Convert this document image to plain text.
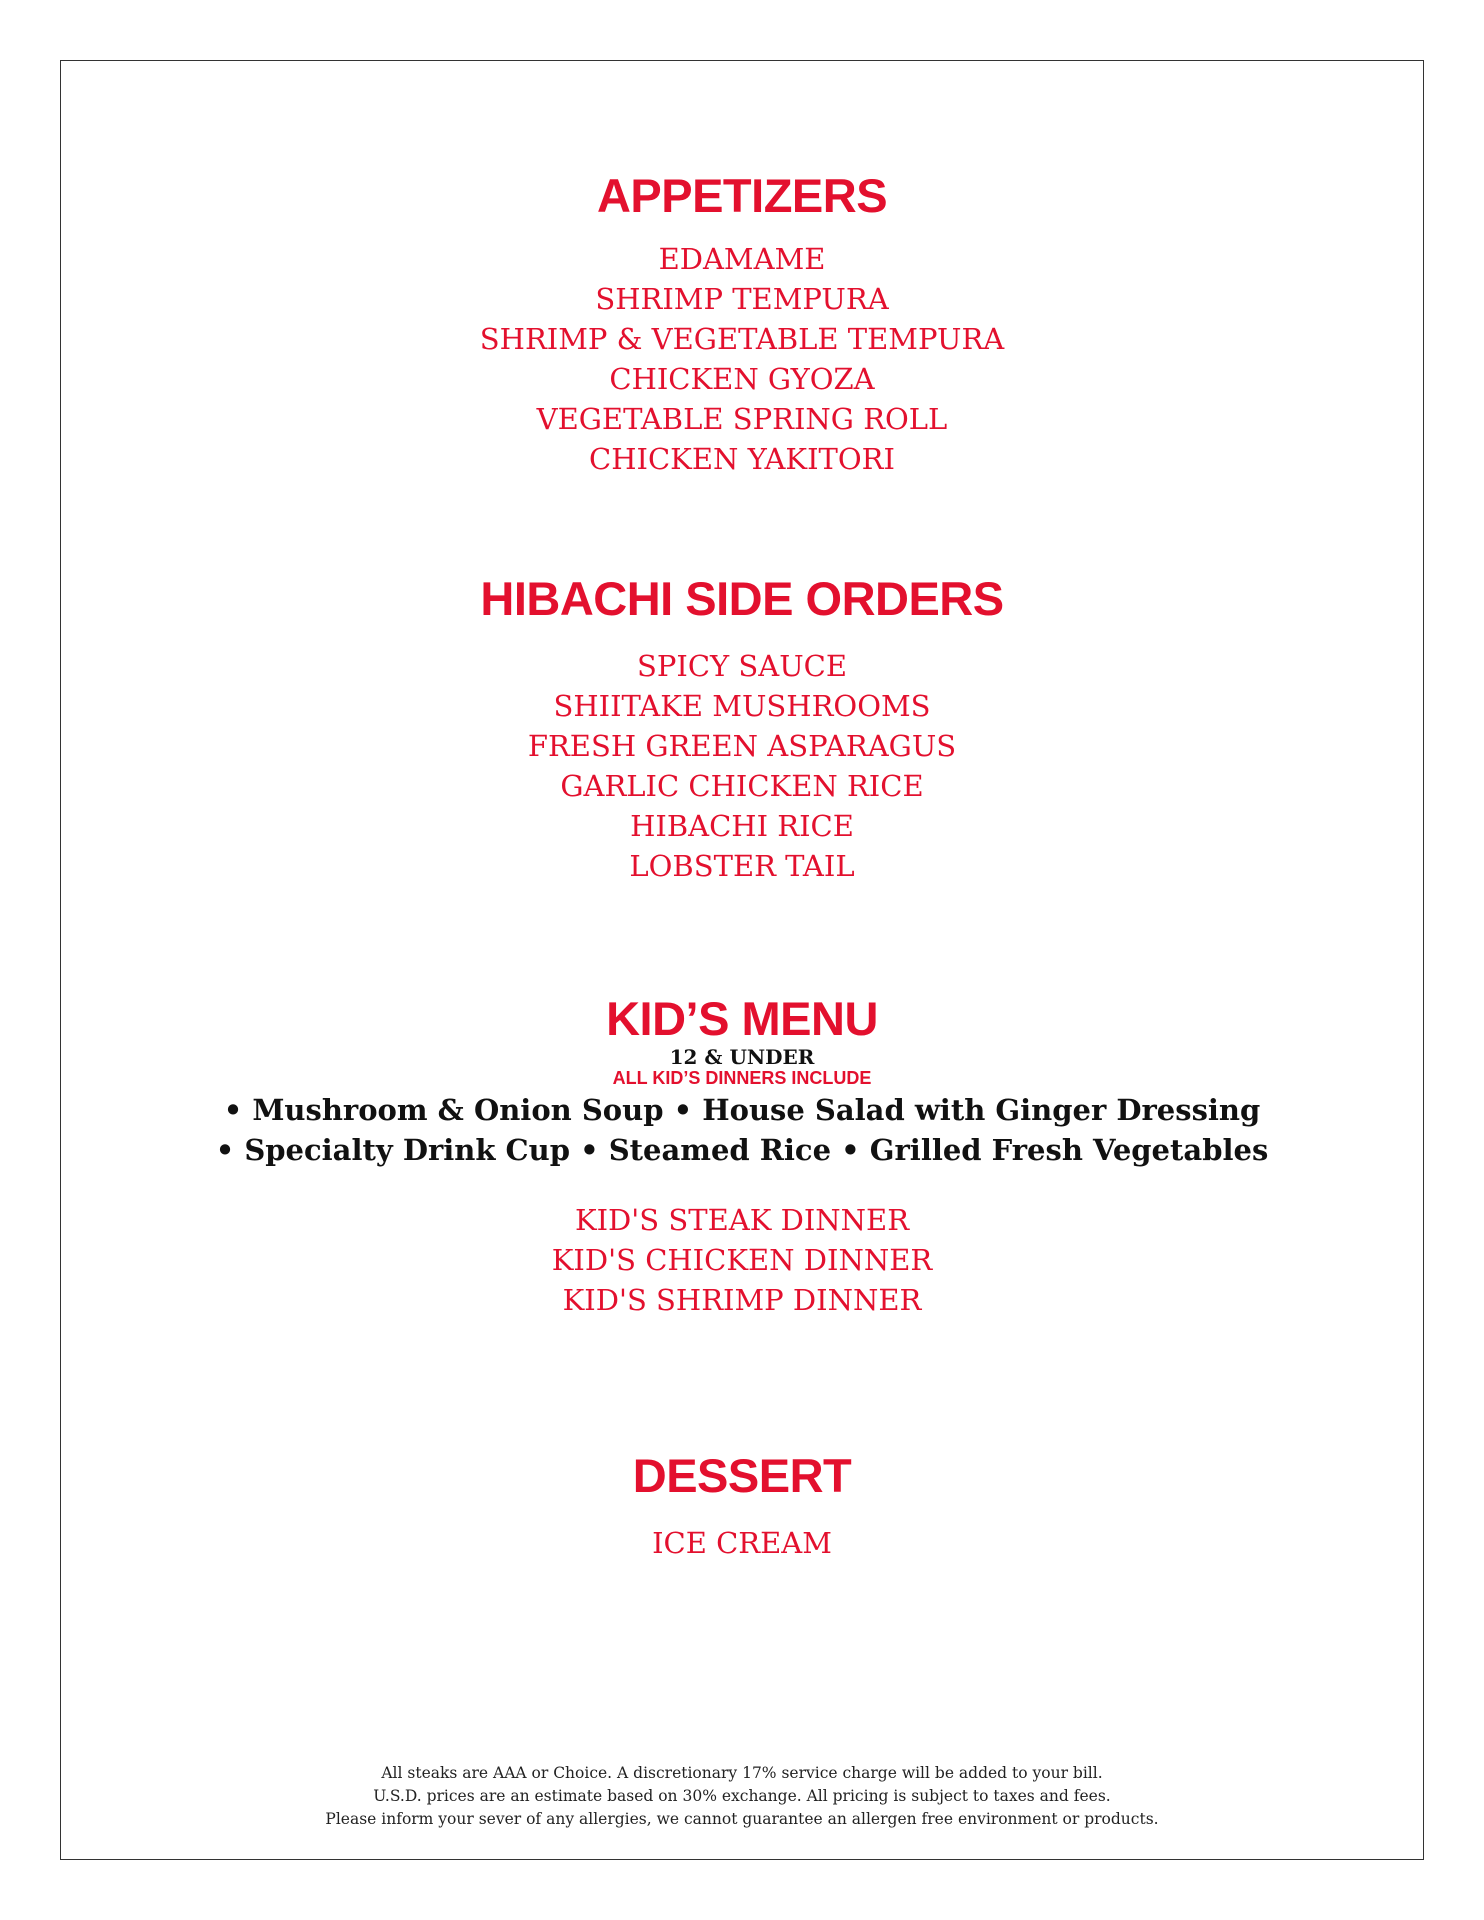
APPETIZERS
EDAMAME
SHRIMP TEMPURA
SHRIMP & VEGETABLE TEMPURA
CHICKEN GYOZA
VEGETABLE SPRING ROLL
CHICKEN YAKITORI
HIBACHI SIDE ORDERS
SPICY SAUCE
SHIITAKE MUSHROOMS
FRESH GREEN ASPARAGUS
GARLIC CHICKEN RICE
HIBACHI RICE
LOBSTER TAIL
KID’S MENU
12 & UNDER
ALL KID’S DINNERS INCLUDE
• Mushroom & Onion Soup • House Salad with Ginger Dressing
• Specialty Drink Cup • Steamed Rice • Grilled Fresh Vegetables
KID'S STEAK DINNER
KID'S CHICKEN DINNER
KID'S SHRIMP DINNER
DESSERT
ICE CREAM
All steaks are AAA or Choice. A discretionary 17% service charge will be added to your bill.
U.S.D. prices are an estimate based on 30% exchange. All pricing is subject to taxes and fees.
Please inform your sever of any allergies, we cannot guarantee an allergen free environment or products.
